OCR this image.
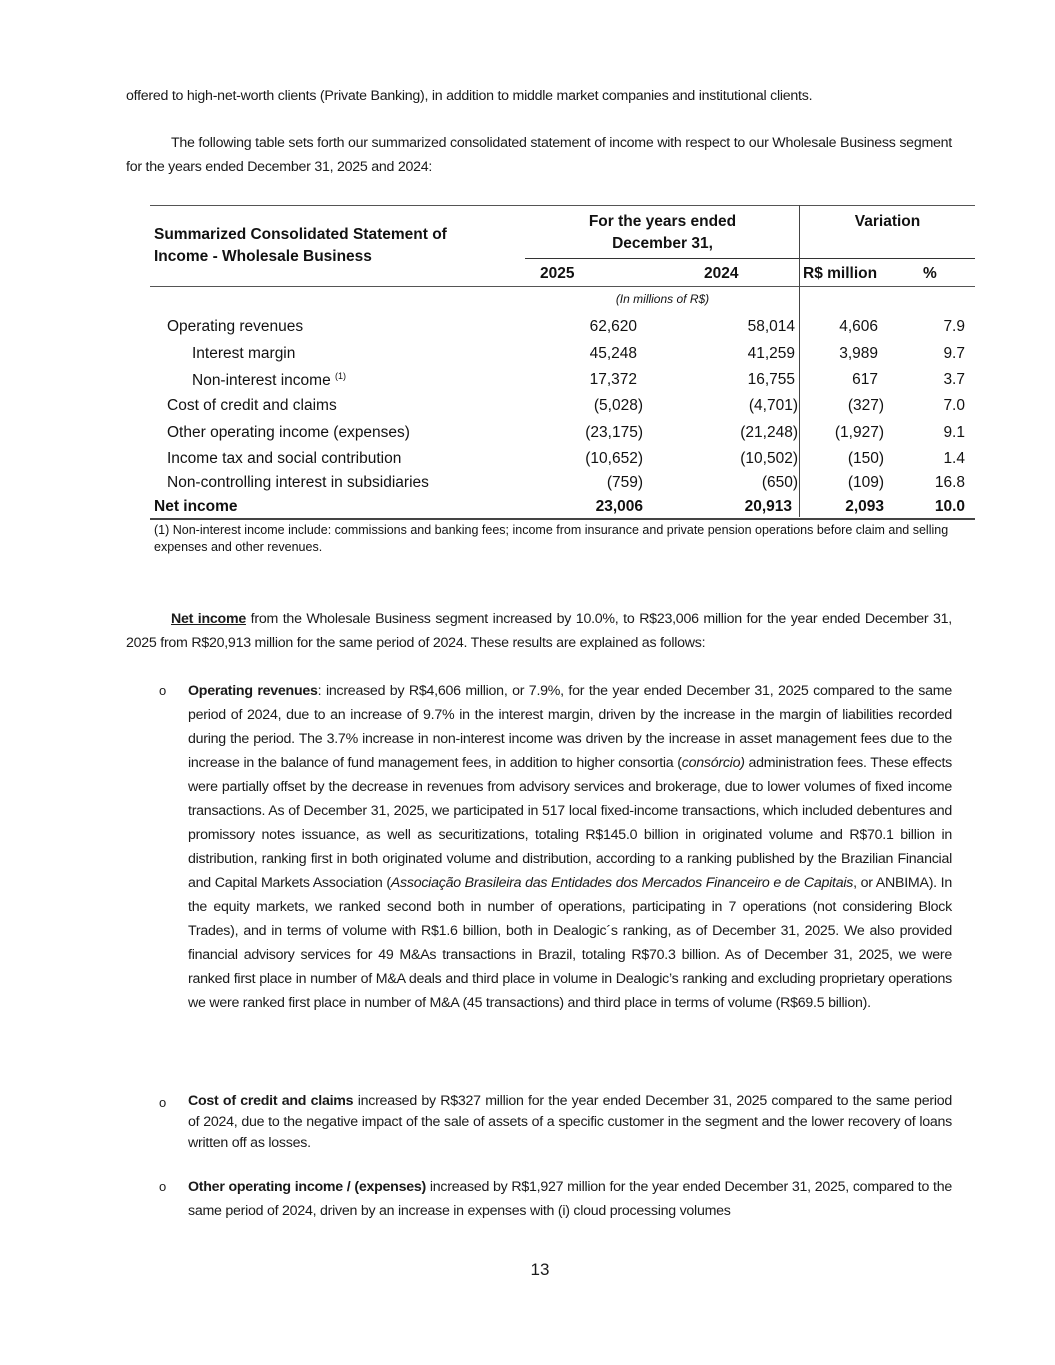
offered to high-net-worth clients (Private Banking), in addition to middle market companies and institutional clients.
The following table sets forth our summarized consolidated statement of income with respect to our Wholesale Business segment for the years ended December 31, 2025 and 2024:
Summarized Consolidated Statement of
Income - Wholesale Business
For the years ended
December 31,
Variation
2025	2024	R$ million	%
(In millions of R$)
Operating revenues	62,620	58,014	4,606	7.9
Interest margin	45,248	41,259	3,989	9.7
Non-interest income $^{(1)}$	17,372	16,755	617	3.7
Cost of credit and claims	(5,028)	(4,701)	(327)	7.0
Other operating income (expenses)	(23,175)	(21,248)	(1,927)	9.1
Income tax and social contribution	(10,652)	(10,502)	(150)	1.4
Non-controlling interest in subsidiaries	(759)	(650)	(109)	16.8
Net income	23,006	20,913	2,093	10.0
(1) Non-interest income include: commissions and banking fees; income from insurance and private pension operations before claim and selling expenses and other revenues.
Net income from the Wholesale Business segment increased by 10.0%, to R$23,006 million for the year ended December 31, 2025 from R$20,913 million for the same period of 2024. These results are explained as follows:
o Operating revenues: increased by R$4,606 million, or 7.9%, for the year ended December 31, 2025 compared to the same period of 2024, due to an increase of 9.7% in the interest margin, driven by the increase in the margin of liabilities recorded during the period. The 3.7% increase in non-interest income was driven by the increase in asset management fees due to the increase in the balance of fund management fees, in addition to higher consortia (consórcio) administration fees. These effects were partially offset by the decrease in revenues from advisory services and brokerage, due to lower volumes of fixed income transactions. As of December 31, 2025, we participated in 517 local fixed-income transactions, which included debentures and promissory notes issuance, as well as securitizations, totaling R$145.0 billion in originated volume and R$70.1 billion in distribution, ranking first in both originated volume and distribution, according to a ranking published by the Brazilian Financial and Capital Markets Association (Associação Brasileira das Entidades dos Mercados Financeiro e de Capitais, or ANBIMA). In the equity markets, we ranked second both in number of operations, participating in 7 operations (not considering Block Trades), and in terms of volume with R$1.6 billion, both in Dealogic´s ranking, as of December 31, 2025. We also provided financial advisory services for 49 M&As transactions in Brazil, totaling R$70.3 billion. As of December 31, 2025, we were ranked first place in number of M&A deals and third place in volume in Dealogic’s ranking and excluding proprietary operations we were ranked first place in number of M&A (45 transactions) and third place in terms of volume (R$69.5 billion).
o Cost of credit and claims increased by R$327 million for the year ended December 31, 2025 compared to the same period of 2024, due to the negative impact of the sale of assets of a specific customer in the segment and the lower recovery of loans written off as losses.
o Other operating income / (expenses) increased by R$1,927 million for the year ended December 31, 2025, compared to the same period of 2024, driven by an increase in expenses with (i) cloud processing volumes
13
